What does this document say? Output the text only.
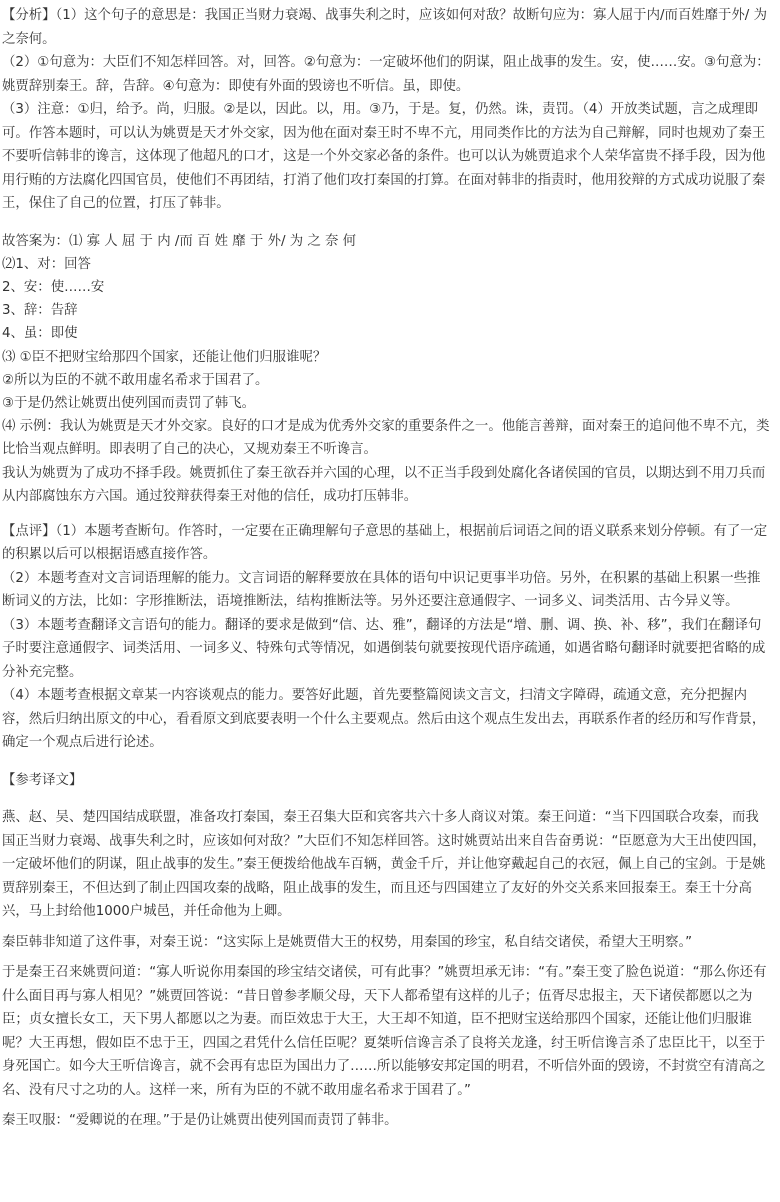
【分析】（1）这个句子的意思是：我国正当财力衰竭、战事失利之时，应该如何对敌？故断句应为：寡人屈于内/而百姓靡于外/ 为之奈何。

（2）①句意为：大臣们不知怎样回答。对，回答。②句意为：一定破坏他们的阴谋，阻止战事的发生。安，使……安。③句意为：姚贾辞别秦王。辞，告辞。④句意为：即使有外面的毁谤也不听信。虽，即使。

（3）注意：①归，给予。尚，归服。②是以，因此。以，用。③乃，于是。复，仍然。诛，责罚。（4）开放类试题，言之成理即可。作答本题时，可以认为姚贾是天才外交家，因为他在面对秦王时不卑不亢，用同类作比的方法为自己辩解，同时也规劝了秦王不要听信韩非的谗言，这体现了他超凡的口才，这是一个外交家必备的条件。也可以认为姚贾追求个人荣华富贵不择手段，因为他用行贿的方法腐化四国官员，使他们不再团结，打消了他们攻打秦国的打算。在面对韩非的指责时，他用狡辩的方式成功说服了秦王，保住了自己的位置，打压了韩非。

故答案为：⑴ 寡 人 屈 于 内 /而 百 姓 靡 于 外/ 为 之 奈 何

⑵1、对：回答

2、安：使……安

3、辞：告辞

4、虽：即使

⑶ ①臣不把财宝给那四个国家，还能让他们归服谁呢？

②所以为臣的不就不敢用虚名希求于国君了。

③于是仍然让姚贾出使列国而责罚了韩飞。

⑷ 示例：我认为姚贾是天才外交家。良好的口才是成为优秀外交家的重要条件之一。他能言善辩，面对秦王的追问他不卑不亢，类比恰当观点鲜明。即表明了自己的决心，又规劝秦王不听谗言。

我认为姚贾为了成功不择手段。姚贾抓住了秦王欲吞并六国的心理，以不正当手段到处腐化各诸侯国的官员，以期达到不用刀兵而从内部腐蚀东方六国。通过狡辩获得秦王对他的信任，成功打压韩非。

【点评】（1）本题考查断句。作答时，一定要在正确理解句子意思的基础上，根据前后词语之间的语义联系来划分停顿。有了一定的积累以后可以根据语感直接作答。

（2）本题考查对文言词语理解的能力。文言词语的解释要放在具体的语句中识记更事半功倍。另外，在积累的基础上积累一些推断词义的方法，比如：字形推断法，语境推断法，结构推断法等。另外还要注意通假字、一词多义、词类活用、古今异义等。

（3）本题考查翻译文言语句的能力。翻译的要求是做到“信、达、雅”，翻译的方法是“增、删、调、换、补、移”，我们在翻译句子时要注意通假字、词类活用、一词多义、特殊句式等情况，如遇倒装句就要按现代语序疏通，如遇省略句翻译时就要把省略的成分补充完整。

（4）本题考查根据文章某一内容谈观点的能力。要答好此题，首先要整篇阅读文言文，扫清文字障碍，疏通文意，充分把握内容，然后归纳出原文的中心，看看原文到底要表明一个什么主要观点。然后由这个观点生发出去，再联系作者的经历和写作背景，确定一个观点后进行论述。

【参考译文】

燕、赵、吴、楚四国结成联盟，准备攻打秦国，秦王召集大臣和宾客共六十多人商议对策。秦王问道：“当下四国联合攻秦，而我国正当财力衰竭、战事失利之时，应该如何对敌？”大臣们不知怎样回答。这时姚贾站出来自告奋勇说：“臣愿意为大王出使四国，一定破坏他们的阴谋，阻止战事的发生。”秦王便拨给他战车百辆，黄金千斤，并让他穿戴起自己的衣冠，佩上自己的宝剑。于是姚贾辞别秦王，不但达到了制止四国攻秦的战略，阻止战事的发生，而且还与四国建立了友好的外交关系来回报秦王。秦王十分高兴，马上封给他1000户城邑，并任命他为上卿。

秦臣韩非知道了这件事，对秦王说：“这实际上是姚贾借大王的权势，用秦国的珍宝，私自结交诸侯，希望大王明察。”

于是秦王召来姚贾问道：“寡人听说你用秦国的珍宝结交诸侯，可有此事？”姚贾坦承无讳：“有。”秦王变了脸色说道：“那么你还有什么面目再与寡人相见？”姚贾回答说：“昔日曾参孝顺父母，天下人都希望有这样的儿子；伍胥尽忠报主，天下诸侯都愿以之为臣；贞女擅长女工，天下男人都愿以之为妻。而臣效忠于大王，大王却不知道，臣不把财宝送给那四个国家，还能让他们归服谁呢？大王再想，假如臣不忠于王，四国之君凭什么信任臣呢？夏桀听信谗言杀了良将关龙逢，纣王听信谗言杀了忠臣比干，以至于身死国亡。如今大王听信谗言，就不会再有忠臣为国出力了……所以能够安邦定国的明君，不听信外面的毁谤，不封赏空有清高之名、没有尺寸之功的人。这样一来，所有为臣的不就不敢用虚名希求于国君了。”

秦王叹服：“爱卿说的在理。”于是仍让姚贾出使列国而责罚了韩非。
